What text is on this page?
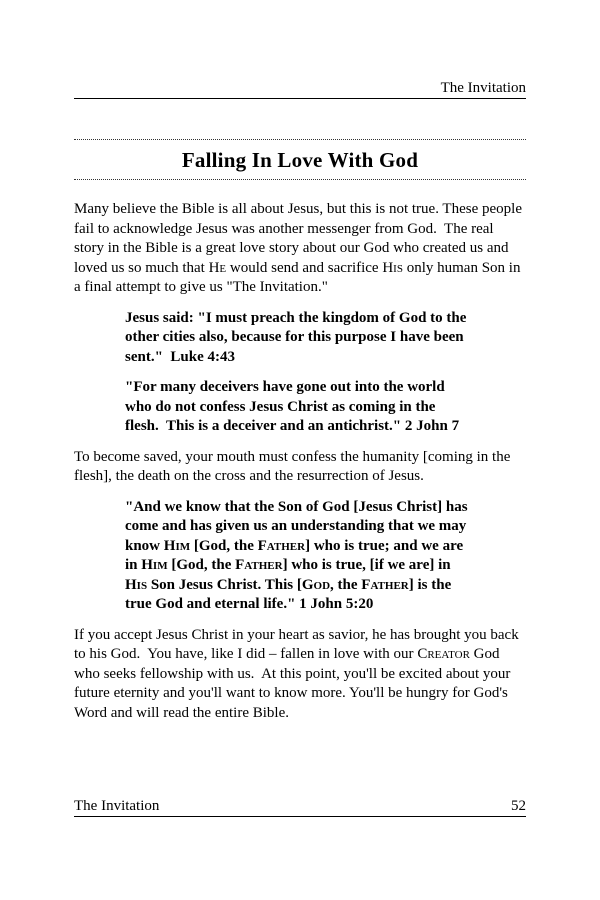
The Invitation
Falling In Love With God

Many believe the Bible is all about Jesus, but this is not true. These people fail to acknowledge Jesus was another messenger from God.  The real story in the Bible is a great love story about our God who created us and loved us so much that He would send and sacrifice His only human Son in a final attempt to give us "The Invitation."

Jesus said: "I must preach the kingdom of God to the other cities also, because for this purpose I have been sent."  Luke 4:43

"For many deceivers have gone out into the world who do not confess Jesus Christ as coming in the flesh.  This is a deceiver and an antichrist." 2 John 7

To become saved, your mouth must confess the humanity [coming in the flesh], the death on the cross and the resurrection of Jesus.

"And we know that the Son of God [Jesus Christ] has come and has given us an understanding that we may know Him [God, the Father] who is true; and we are in Him [God, the Father] who is true, [if we are] in His Son Jesus Christ. This [God, the Father] is the true God and eternal life." 1 John 5:20

If you accept Jesus Christ in your heart as savior, he has brought you back to his God.  You have, like I did – fallen in love with our Creator God who seeks fellowship with us.  At this point, you'll be excited about your future eternity and you'll want to know more. You'll be hungry for God's Word and will read the entire Bible.

The Invitation	52
